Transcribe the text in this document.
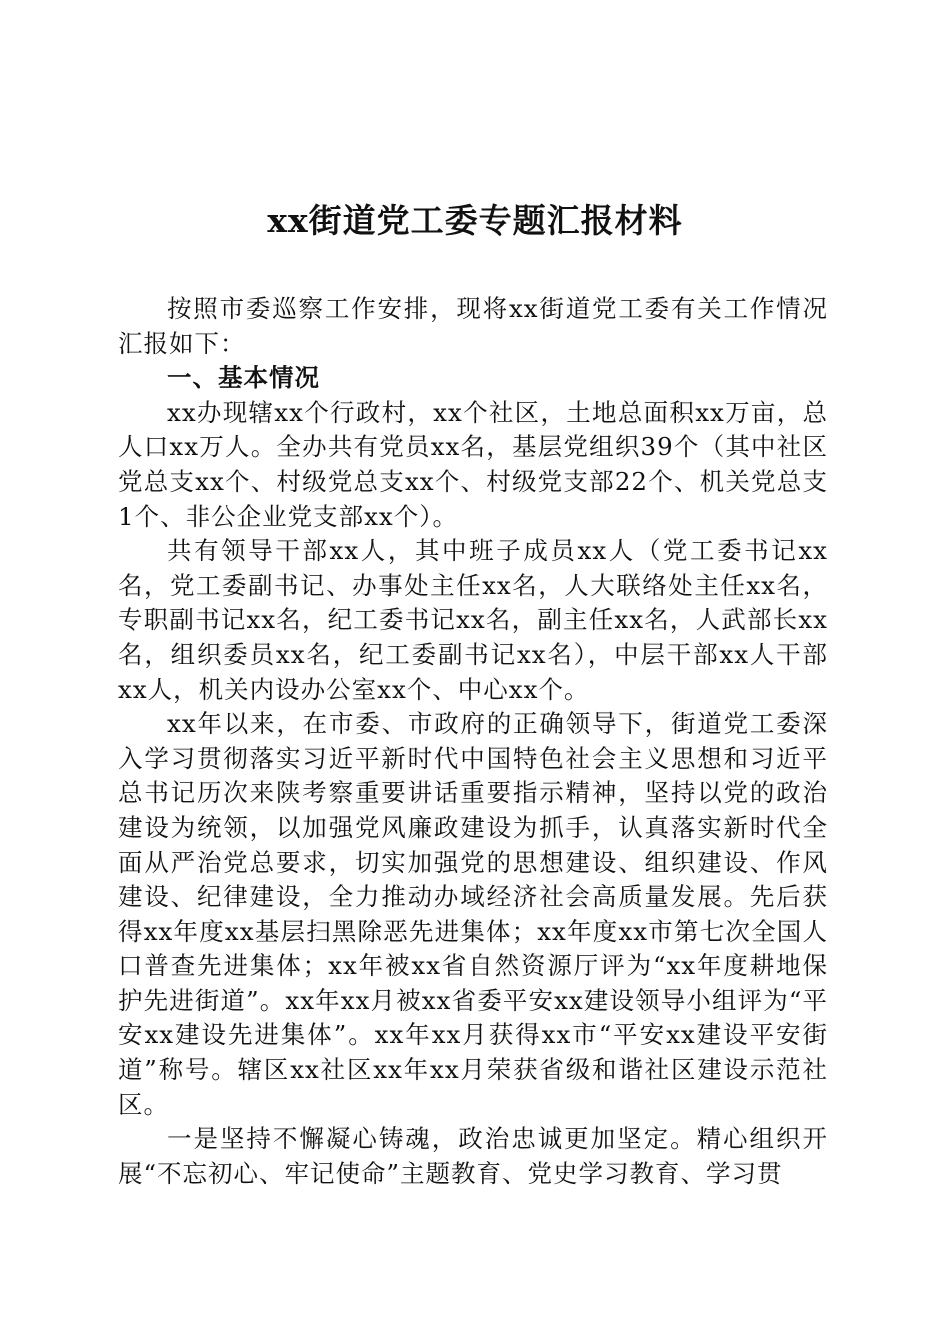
xx街道党工委专题汇报材料

按照市委巡察工作安排，现将xx街道党工委有关工作情况汇报如下：

一、基本情况

xx办现辖xx个行政村，xx个社区，土地总面积xx万亩，总人口xx万人。全办共有党员xx名，基层党组织39个（其中社区党总支xx个、村级党总支xx个、村级党支部22个、机关党总支1个、非公企业党支部xx个）。

共有领导干部xx人，其中班子成员xx人（党工委书记xx名，党工委副书记、办事处主任xx名，人大联络处主任xx名，专职副书记xx名，纪工委书记xx名，副主任xx名，人武部长xx名，组织委员xx名，纪工委副书记xx名），中层干部xx人干部xx人，机关内设办公室xx个、中心xx个。

xx年以来，在市委、市政府的正确领导下，街道党工委深入学习贯彻落实习近平新时代中国特色社会主义思想和习近平总书记历次来陕考察重要讲话重要指示精神，坚持以党的政治建设为统领，以加强党风廉政建设为抓手，认真落实新时代全面从严治党总要求，切实加强党的思想建设、组织建设、作风建设、纪律建设，全力推动办域经济社会高质量发展。先后获得xx年度xx基层扫黑除恶先进集体；xx年度xx市第七次全国人口普查先进集体；xx年被xx省自然资源厅评为“xx年度耕地保护先进街道”。xx年xx月被xx省委平安xx建设领导小组评为“平安xx建设先进集体”。xx年xx月获得xx市“平安xx建设平安街道”称号。辖区xx社区xx年xx月荣获省级和谐社区建设示范社区。

一是坚持不懈凝心铸魂，政治忠诚更加坚定。精心组织开展“不忘初心、牢记使命”主题教育、党史学习教育、学习贯
